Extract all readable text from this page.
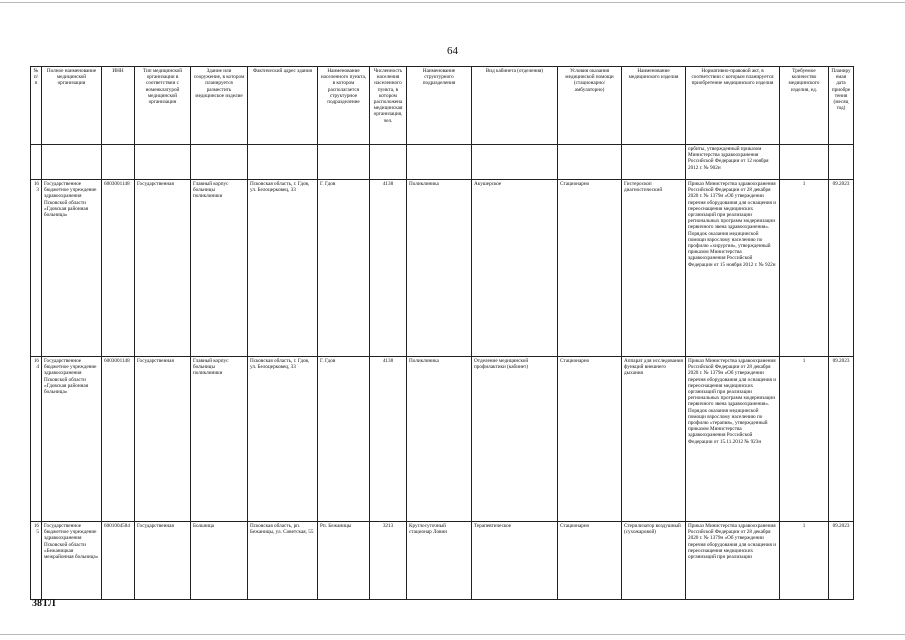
64
№ п/п	Полное наименование медицинской организации	ИНН	Тип медицинской организации в соответствии с номенклатурой медицинской организации	Здание или сооружение, в котором планируется разместить медицинское изделие	Фактический адрес здания	Наименование населенного пункта, в котором располагается структурное подразделение	Численность населения населенного пункта, в котором расположена медицинская организация, чел.	Наименование структурного подразделения	Вид кабинета (отделения)	Условия оказания медицинской помощи (стационарно/ амбулаторно)	Наименование медицинского изделия	Нормативно-правовой акт, в соответствии с которым планируется приобретение медицинского изделия	Требуемое количество медицинского изделия, ед.	Планируемая дата приобретения (месяц год)
												орбиты, утвержденный приказом Министерства здравоохранения Российской Федерации от 12 ноября 2012 г. № 902н		
163	Государственное бюджетное учреждение здравоохранения Псковской области «Гдовская районная больница»	6003001148	Государственная	Главный корпус больницы поликлиники	Псковская область, г. Гдов, ул. Белоцерковец, 33	Г. Гдов	4138	Поликлиника	Акушерское	Стационарно	Гистероскоп диагностический	Приказ Министерства здравоохранения Российской Федерации от 28 декабря 2020 г. № 1379н «Об утверждении перечня оборудования для оснащения и переоснащения медицинских организаций при реализации региональных программ модернизации первичного звена здравоохранения». Порядок оказания медицинской помощи взрослому населению по профилю «хирургия», утвержденный приказом Министерства здравоохранения Российской Федерации от 15 ноября 2012 г. № 922н	1	09.2023
164	Государственное бюджетное учреждение здравоохранения Псковской области «Гдовская районная больница»	6003001148	Государственная	Главный корпус больницы поликлиники	Псковская область, г. Гдов, ул. Белоцерковец, 33	Г. Гдов	4138	Поликлиника	Отделение медицинской профилактики (кабинет)	Стационарно	Аппарат для исследования функций внешнего дыхания	Приказ Министерства здравоохранения Российской Федерации от 28 декабря 2020 г. № 1379н «Об утверждении перечня оборудования для оснащения и переоснащения медицинских организаций при реализации региональных программ модернизации первичного звена здравоохранения». Порядок оказания медицинской помощи взрослому населению по профилю «терапия», утвержденный приказом Министерства здравоохранения Российской Федерации от 15.11.2012 № 923н	1	09.2023
165	Государственное бюджетное учреждение здравоохранения Псковской области «Бежаницкая межрайонная больница»	6001004584	Государственная	Больница	Псковская область, рп. Бежаницы, ул. Советская, 55	Рп. Бежаницы	3213	Круглосуточный стационар Ловин	Терапевтическое	Стационарно	Стерилизатор воздушный (сухожаровой)	Приказ Министерства здравоохранения Российской Федерации от 28 декабря 2020 г. № 1379н «Об утверждении перечня оборудования для оснащения и переоснащения медицинских организаций при реализации	1	09.2023
38ТЛ
